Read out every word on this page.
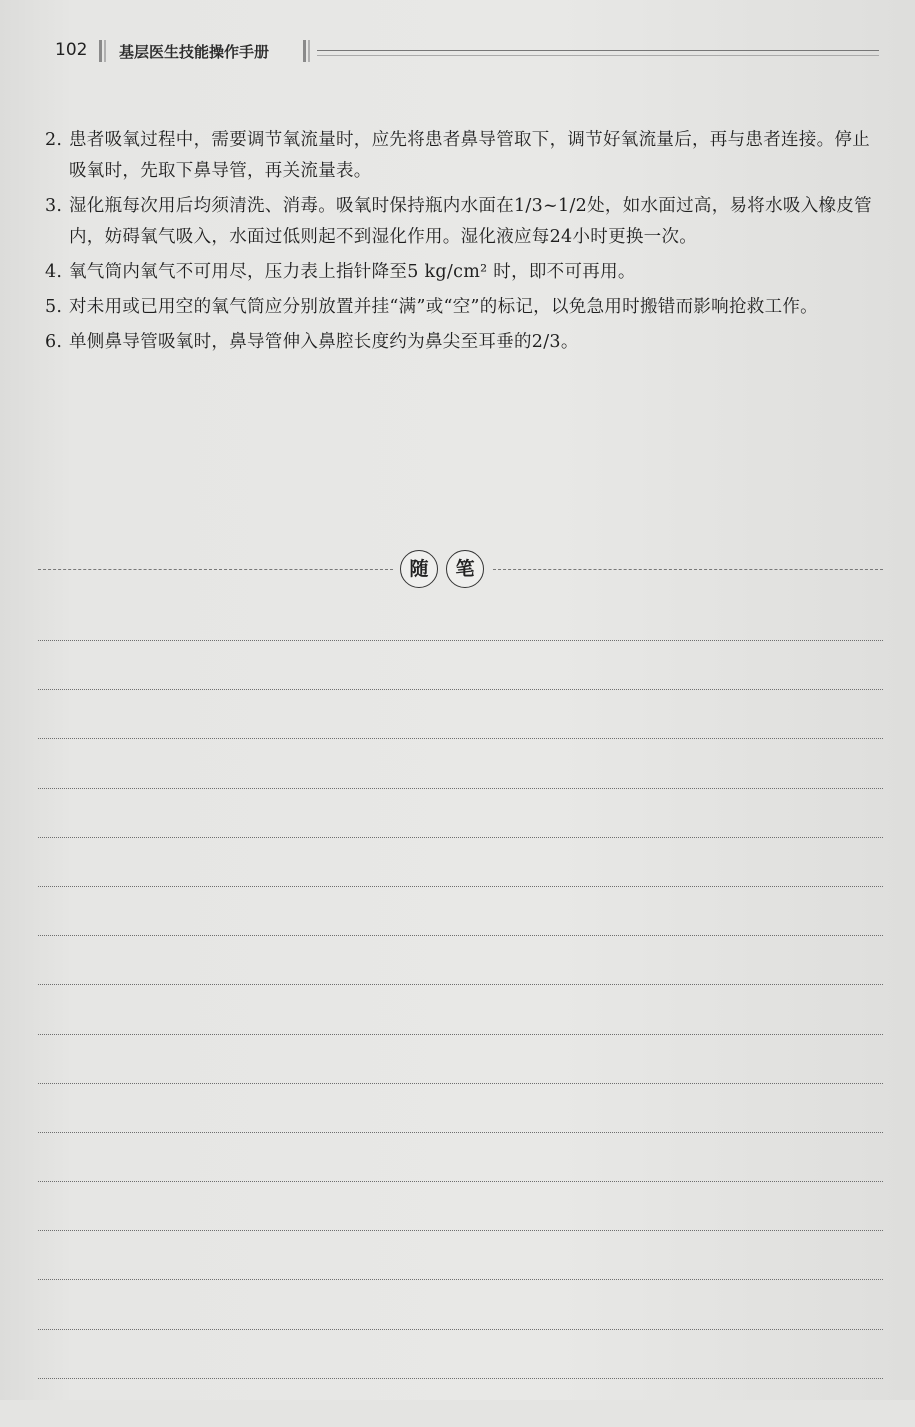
102 基层医生技能操作手册
2. 患者吸氧过程中，需要调节氧流量时，应先将患者鼻导管取下，调节好氧流量后，再与患者连接。停止吸氧时，先取下鼻导管，再关流量表。
3. 湿化瓶每次用后均须清洗、消毒。吸氧时保持瓶内水面在1/3~1/2处，如水面过高，易将水吸入橡皮管内，妨碍氧气吸入，水面过低则起不到湿化作用。湿化液应每24小时更换一次。
4. 氧气筒内氧气不可用尽，压力表上指针降至5 kg/cm² 时，即不可再用。
5. 对未用或已用空的氧气筒应分别放置并挂“满”或“空”的标记，以免急用时搬错而影响抢救工作。
6. 单侧鼻导管吸氧时，鼻导管伸入鼻腔长度约为鼻尖至耳垂的2/3。
随	笔
